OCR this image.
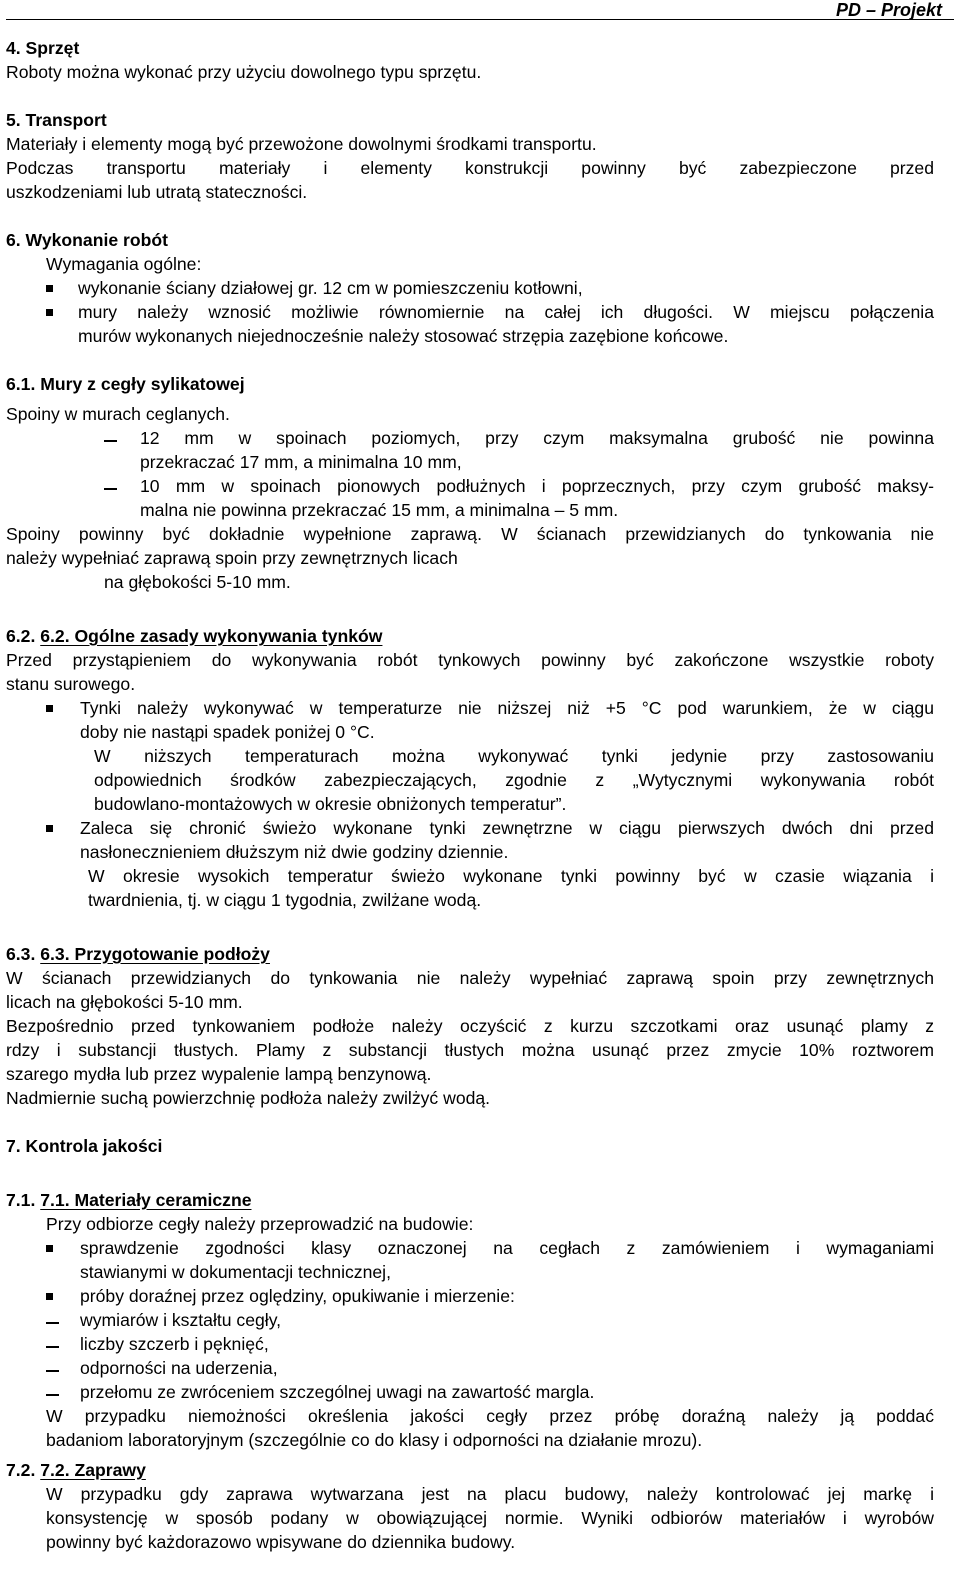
PD – Projekt
4. Sprzęt
Roboty można wykonać przy użyciu dowolnego typu sprzętu.
5. Transport
Materiały i elementy mogą być przewożone dowolnymi środkami transportu.
Podczas transportu materiały i elementy konstrukcji powinny być zabezpieczone przed
uszkodzeniami lub utratą stateczności.
6. Wykonanie robót
Wymagania ogólne:
wykonanie ściany działowej gr. 12 cm w pomieszczeniu kotłowni,
mury należy wznosić możliwie równomiernie na całej ich długości. W miejscu połączenia
murów wykonanych niejednocześnie należy stosować strzępia zazębione końcowe.
6.1. Mury z cegły sylikatowej
Spoiny w murach ceglanych.
12 mm w spoinach poziomych, przy czym maksymalna grubość nie powinna
przekraczać 17 mm, a minimalna 10 mm,
10 mm w spoinach pionowych podłużnych i poprzecznych, przy czym grubość maksy-
malna nie powinna przekraczać 15 mm, a minimalna – 5 mm.
Spoiny powinny być dokładnie wypełnione zaprawą. W ścianach przewidzianych do tynkowania nie
należy wypełniać zaprawą spoin przy zewnętrznych licach
na głębokości 5-10 mm.
6.2. 6.2. Ogólne zasady wykonywania tynków
Przed przystąpieniem do wykonywania robót tynkowych powinny być zakończone wszystkie roboty
stanu surowego.
Tynki należy wykonywać w temperaturze nie niższej niż +5 °C pod warunkiem, że w ciągu
doby nie nastąpi spadek poniżej 0 °C.
W niższych temperaturach można wykonywać tynki jedynie przy zastosowaniu
odpowiednich środków zabezpieczających, zgodnie z „Wytycznymi wykonywania robót
budowlano-montażowych w okresie obniżonych temperatur”.
Zaleca się chronić świeżo wykonane tynki zewnętrzne w ciągu pierwszych dwóch dni przed
nasłonecznieniem dłuższym niż dwie godziny dziennie.
W okresie wysokich temperatur świeżo wykonane tynki powinny być w czasie wiązania i
twardnienia, tj. w ciągu 1 tygodnia, zwilżane wodą.
6.3. 6.3. Przygotowanie podłoży
W ścianach przewidzianych do tynkowania nie należy wypełniać zaprawą spoin przy zewnętrznych
licach na głębokości 5-10 mm.
Bezpośrednio przed tynkowaniem podłoże należy oczyścić z kurzu szczotkami oraz usunąć plamy z
rdzy i substancji tłustych. Plamy z substancji tłustych można usunąć przez zmycie 10% roztworem
szarego mydła lub przez wypalenie lampą benzynową.
Nadmiernie suchą powierzchnię podłoża należy zwilżyć wodą.
7. Kontrola jakości
7.1. 7.1. Materiały ceramiczne
Przy odbiorze cegły należy przeprowadzić na budowie:
sprawdzenie zgodności klasy oznaczonej na cegłach z zamówieniem i wymaganiami
stawianymi w dokumentacji technicznej,
próby doraźnej przez oględziny, opukiwanie i mierzenie:
wymiarów i kształtu cegły,
liczby szczerb i pęknięć,
odporności na uderzenia,
przełomu ze zwróceniem szczególnej uwagi na zawartość margla.
W przypadku niemożności określenia jakości cegły przez próbę doraźną należy ją poddać
badaniom laboratoryjnym (szczególnie co do klasy i odporności na działanie mrozu).
7.2. 7.2. Zaprawy
W przypadku gdy zaprawa wytwarzana jest na placu budowy, należy kontrolować jej markę i
konsystencję w sposób podany w obowiązującej normie. Wyniki odbiorów materiałów i wyrobów
powinny być każdorazowo wpisywane do dziennika budowy.
